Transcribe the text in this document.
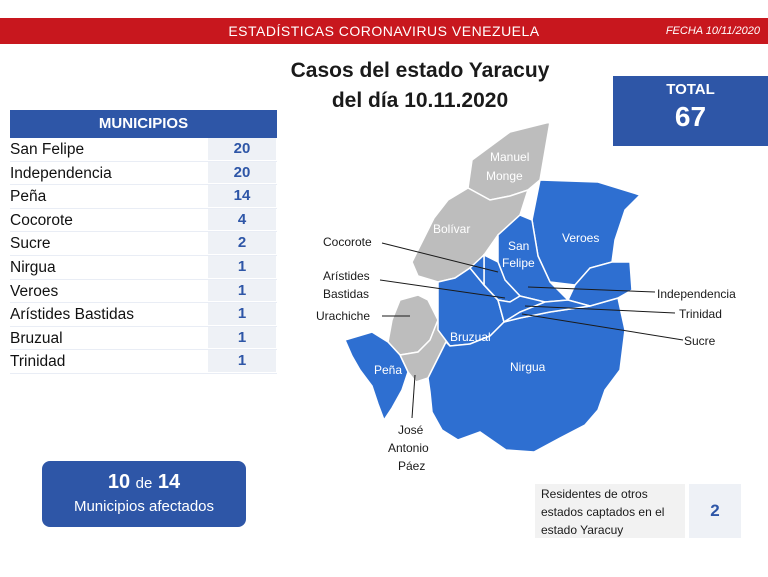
ESTADÍSTICAS CORONAVIRUS VENEZUELA	FECHA 10/11/2020
Casos del estado Yaracuy
del día 10.11.2020	TOTAL
67
MUNICIPIOS
San Felipe	20
Independencia	20
Peña	14
Cocorote	4
Sucre	2
Nirgua	1
Veroes	1
Arístides Bastidas	1
Bruzual	1
Trinidad	1
Manuel
Monge
Bolívar
San
Felipe
Veroes
Bruzual
Peña	Nirgua
Cocorote
Arístides
Bastidas
Urachiche
Independencia
Trinidad
Sucre
José
Antonio
Páez
10 de 14
Municipios afectados
Residentes de otros
estados captados en el
estado Yaracuy
2
